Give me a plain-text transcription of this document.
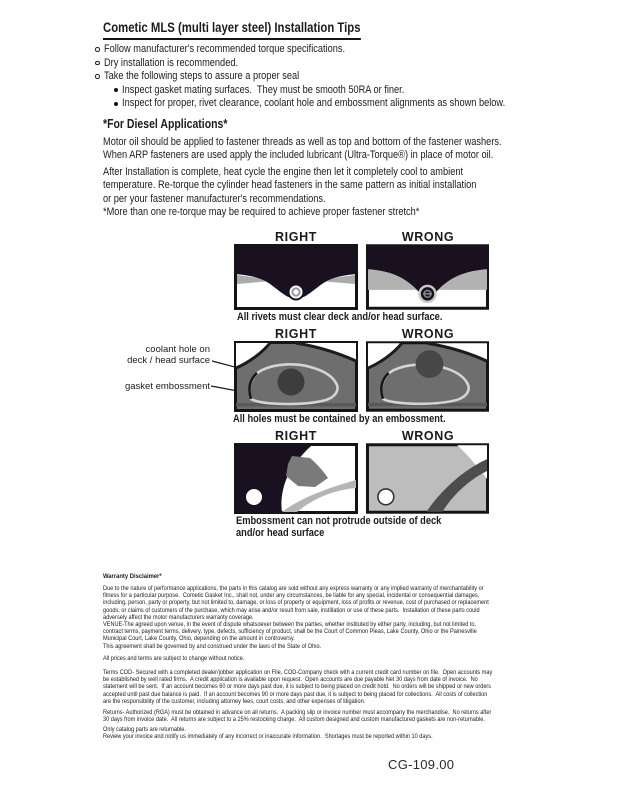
Cometic MLS (multi layer steel) Installation Tips
Follow manufacturer's recommended torque specifications.
Dry installation is recommended.
Take the following steps to assure a proper seal
Inspect gasket mating surfaces.  They must be smooth 50RA or finer.
Inspect for proper, rivet clearance, coolant hole and embossment alignments as shown below.
*For Diesel Applications*
Motor oil should be applied to fastener threads as well as top and bottom of the fastener washers.
When ARP fasteners are used apply the included lubricant (Ultra-Torque®) in place of motor oil.
After Installation is complete, heat cycle the engine then let it completely cool to ambient
temperature. Re-torque the cylinder head fasteners in the same pattern as initial installation
or per your fastener manufacturer's recommendations.
*More than one re-torque may be required to achieve proper fastener stretch*
RIGHT	WRONG
All rivets must clear deck and/or head surface.
RIGHT	WRONG
coolant hole on
deck / head surface
gasket embossment
All holes must be contained by an embossment.
RIGHT	WRONG
Embossment can not protrude outside of deck
and/or head surface
Warranty Disclaimer*
Due to the nature of performance applications, the parts in this catalog are sold without any express warranty or any implied warranty of merchantability or
fitness for a particular purpose.  Cometic Gasket Inc., shall not, under any circumstances, be liable for any special, incidental or consequential damages,
including, person, party or property, but not limited to, damage, or loss of property or equipment, loss of profits or revenue, cost of purchased or replacement
goods, or claims of customers of the purchase, which may arise and/or result from sale, instillation or use of these parts.  Installation of these parts could
adversely affect the motor manufacturers warranty coverage.
VENUE-The agreed upon venue, in the event of dispute whatsoever between the parties, whether instituted by either party, including, but not limited to,
contract terms, payment terms, delivery, type, defects, sufficiency of product, shall be the Court of Common Pleas, Lake County, Ohio or the Painesville
Municipal Court, Lake County, Ohio, depending on the amount in controversy.
This agreement shall be governed by and construed under the laws of the State of Ohio.
All prices and terms are subject to change without notice.
Terms COD- Secured with a completed dealer/jobber application on File, COD-Company check with a current credit card number on file.  Open accounts may
be established by well rated firms.  A credit application is available upon request.  Open accounts are due payable Net 30 days from date of invoice.  No
statement will be sent.  If an account becomes 60 or more days past due, it is subject to being placed on credit hold.  No orders will be shipped or new orders
accepted until past due balance is paid.  If an account becomes 90 or more days past due, it is subject to being placed for collections.  All costs of collection
are the responsibility of the customer, including attorney fees, court costs, and other expenses of litigation.
Returns- Authorized (RGA) must be obtained in advance on all returns.  A packing slip or invoice number must accompany the merchandise.  No returns after
30 days from invoice date.  All returns are subject to a 25% restocking charge.  All custom designed and custom manufactured gaskets are non-returnable.
Only catalog parts are returnable.
Review your invoice and notify us immediately of any incorrect or inaccurate information.  Shortages must be reported within 10 days.
CG-109.00
